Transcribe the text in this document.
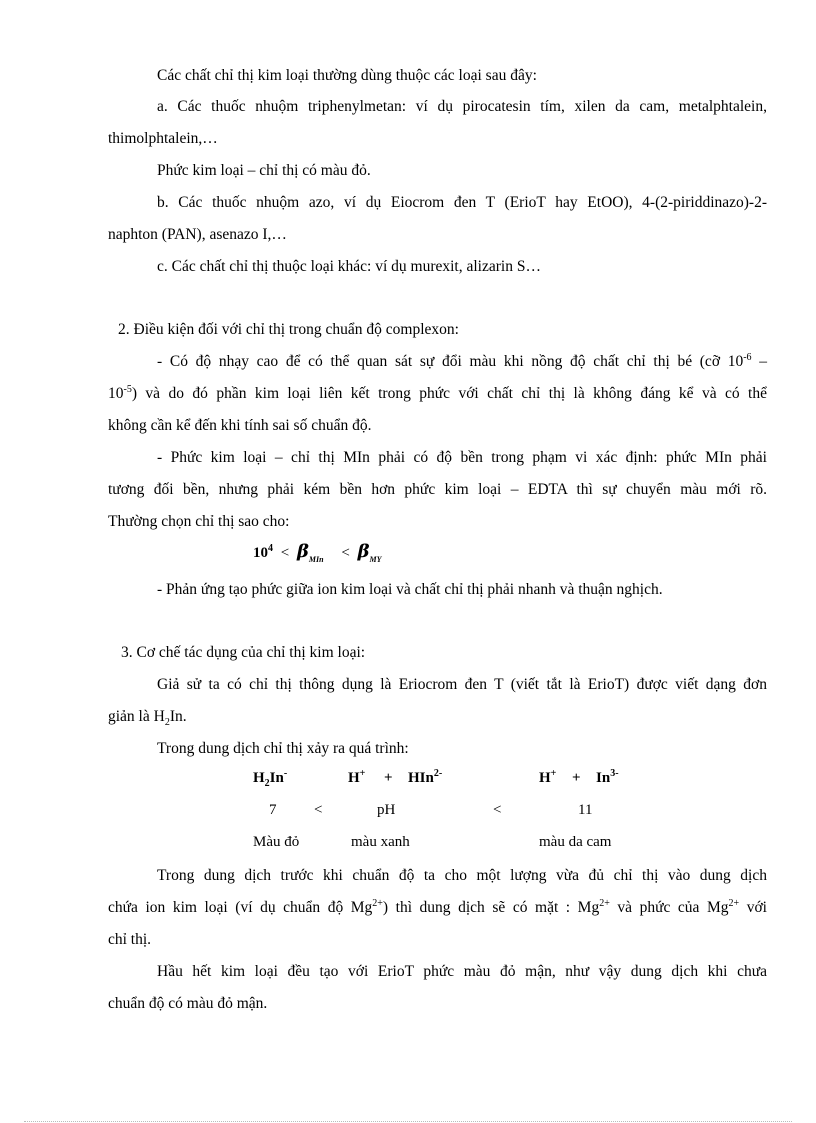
Các chất chỉ thị kim loại thường dùng thuộc các loại sau đây:
a. Các thuốc nhuộm triphenylmetan: ví dụ pirocatesin tím, xilen da cam, metalphtalein,
thimolphtalein,…
Phức kim loại – chỉ thị có màu đỏ.
b. Các thuốc nhuộm azo, ví dụ Eiocrom đen T (ErioT hay EtOO), 4-(2-piriddinazo)-2-
naphton (PAN), asenazo I,…
c. Các chất chỉ thị thuộc loại khác: ví dụ murexit, alizarin S…
2. Điều kiện đối với chỉ thị trong chuẩn độ complexon:
- Có độ nhạy cao để có thể quan sát sự đổi màu khi nồng độ chất chỉ thị bé (cỡ $10^{-6}$ –
$10^{-5}$) và do đó phần kim loại liên kết trong phức với chất chỉ thị là không đáng kể và có thể
không cần kể đến khi tính sai số chuẩn độ.
- Phức kim loại – chỉ thị MIn phải có độ bền trong phạm vi xác định: phức MIn phải
tương đối bền, nhưng phải kém bền hơn phức kim loại – EDTA thì sự chuyển màu mới rõ.
Thường chọn chỉ thị sao cho:
$10^4 < \beta_{MIn} < \beta_{MY}$
- Phản ứng tạo phức giữa ion kim loại và chất chỉ thị phải nhanh và thuận nghịch.
3. Cơ chế tác dụng của chỉ thị kim loại:
Giả sử ta có chỉ thị thông dụng là Eriocrom đen T (viết tắt là ErioT) được viết dạng đơn
giản là $H_2In$.
Trong dung dịch chỉ thị xảy ra quá trình:
$H_2In^-$	H+ + HIn$^{2-}$	$H^+ + In^{3-}$
7	<	pH	<	11
Màu đỏ	màu xanh	màu da cam
Trong dung dịch trước khi chuẩn độ ta cho một lượng vừa đủ chỉ thị vào dung dịch
chứa ion kim loại (ví dụ chuẩn độ $Mg^{2+}$) thì dung dịch sẽ có mặt : $Mg^{2+}$ và phức của $Mg^{2+}$ với
chỉ thị.
Hầu hết kim loại đều tạo với ErioT phức màu đỏ mận, như vậy dung dịch khi chưa
chuẩn độ có màu đỏ mận.
